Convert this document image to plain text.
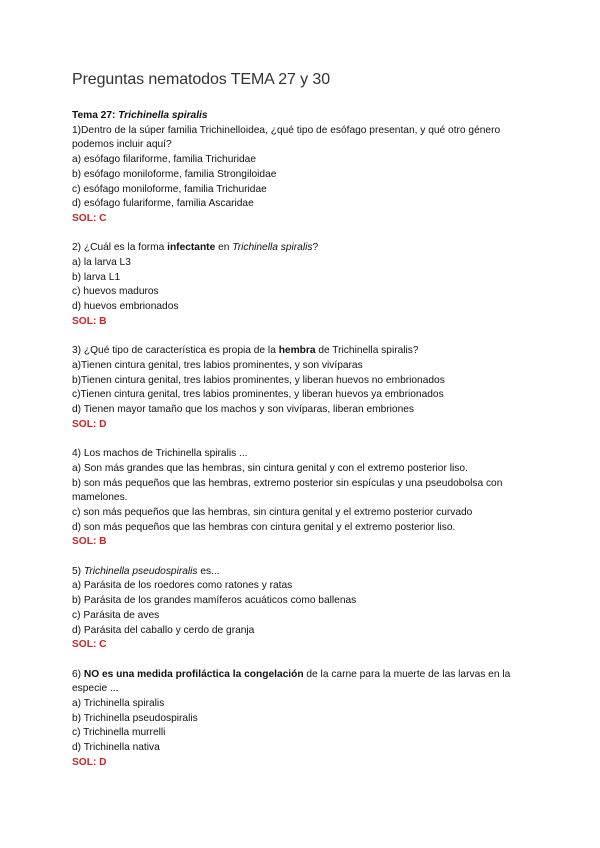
Preguntas nematodos TEMA 27 y 30
Tema 27: Trichinella spiralis
1)Dentro de la súper familia Trichinelloidea, ¿qué tipo de esófago presentan, y qué otro género podemos incluir aquí?
a) esófago filariforme, familia Trichuridae
b) esófago moniloforme, familia Strongiloidae
c) esófago moniloforme, familia Trichuridae
d) esófago fulariforme, familia Ascaridae
SOL: C
2) ¿Cuál es la forma infectante en Trichinella spiralis?
a) la larva L3
b) larva L1
c) huevos maduros
d) huevos embrionados
SOL: B
3) ¿Qué tipo de característica es propia de la hembra de Trichinella spiralis?
a)Tienen cintura genital, tres labios prominentes, y son vivíparas
b)Tienen cintura genital, tres labios prominentes, y liberan huevos no embrionados
c)Tienen cintura genital, tres labios prominentes, y liberan huevos ya embrionados
d) Tienen mayor tamaño que los machos y son vivíparas, liberan embriones
SOL: D
4) Los machos de Trichinella spiralis ...
a) Son más grandes que las hembras, sin cintura genital y con el extremo posterior liso.
b) son más pequeños que las hembras, extremo posterior sin espículas y una pseudobolsa con mamelones.
c) son más pequeños que las hembras, sin cintura genital y el extremo posterior curvado
d) son más pequeños que las hembras con cintura genital y el extremo posterior liso.
SOL: B
5) Trichinella pseudospiralis es...
a) Parásita de los roedores como ratones y ratas
b) Parásita de los grandes mamíferos acuáticos como ballenas
c) Parásita de aves
d) Parásita del caballo y cerdo de granja
SOL: C
6) NO es una medida profiláctica la congelación de la carne para la muerte de las larvas en la especie ...
a) Trichinella spiralis
b) Trichinella pseudospiralis
c) Trichinella murrelli
d) Trichinella nativa
SOL: D
